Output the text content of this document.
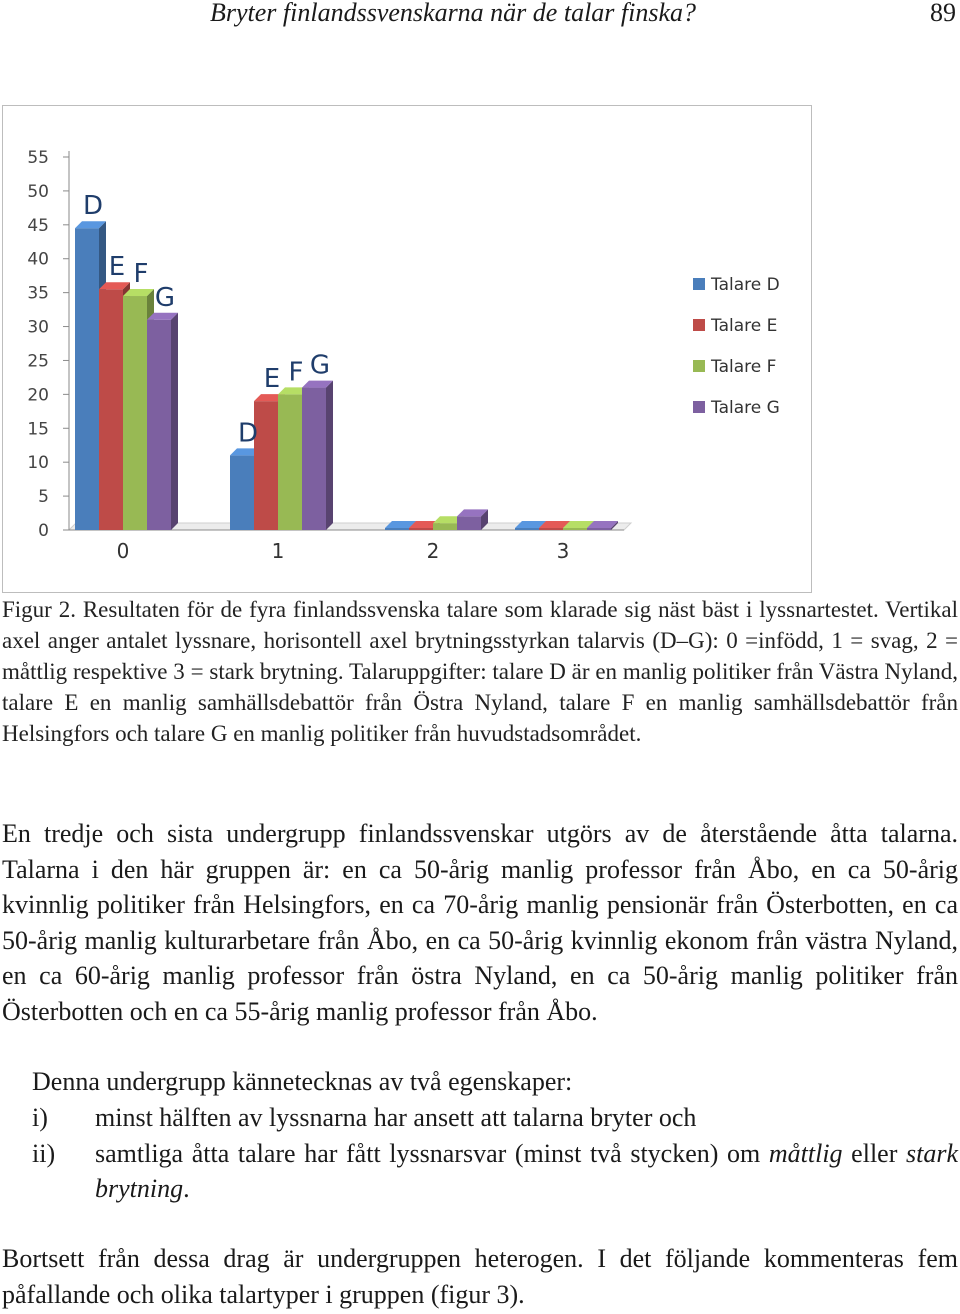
Bryter finlandssvenskarna när de talar finska?	89
0
5
10
15
20
25
30
35
40
45
50
55
0	1	2	3
D
E F
G
D
E F G
Talare D
Talare E
Talare F
Talare G
Figur 2. Resultaten för de fyra finlandssvenska talare som klarade sig näst bäst i lyssnartestet. Vertikal axel anger antalet lyssnare, horisontell axel brytningsstyrkan talarvis (D–G): 0 =infödd, 1 = svag, 2 = måttlig respektive 3 = stark brytning. Talaruppgifter: talare D är en manlig politiker från Västra Nyland, talare E en manlig samhällsdebattör från Östra Nyland, talare F en manlig samhällsdebattör från Helsingfors och talare G en manlig politiker från huvudstadsområdet.
En tredje och sista undergrupp finlandssvenskar utgörs av de återstående åtta talarna. Talarna i den här gruppen är: en ca 50-årig manlig professor från Åbo, en ca 50-årig kvinnlig politiker från Helsingfors, en ca 70-årig manlig pensionär från Österbotten, en ca 50-årig manlig kulturarbetare från Åbo, en ca 50-årig kvinnlig ekonom från västra Nyland, en ca 60-årig manlig professor från östra Nyland, en ca 50-årig manlig politiker från Österbotten och en ca 55-årig manlig professor från Åbo.
Denna undergrupp kännetecknas av två egenskaper:
i) minst hälften av lyssnarna har ansett att talarna bryter och
ii) samtliga åtta talare har fått lyssnarsvar (minst två stycken) om måttlig eller stark brytning.
Bortsett från dessa drag är undergruppen heterogen. I det följande kommenteras fem påfallande och olika talartyper i gruppen (figur 3).
